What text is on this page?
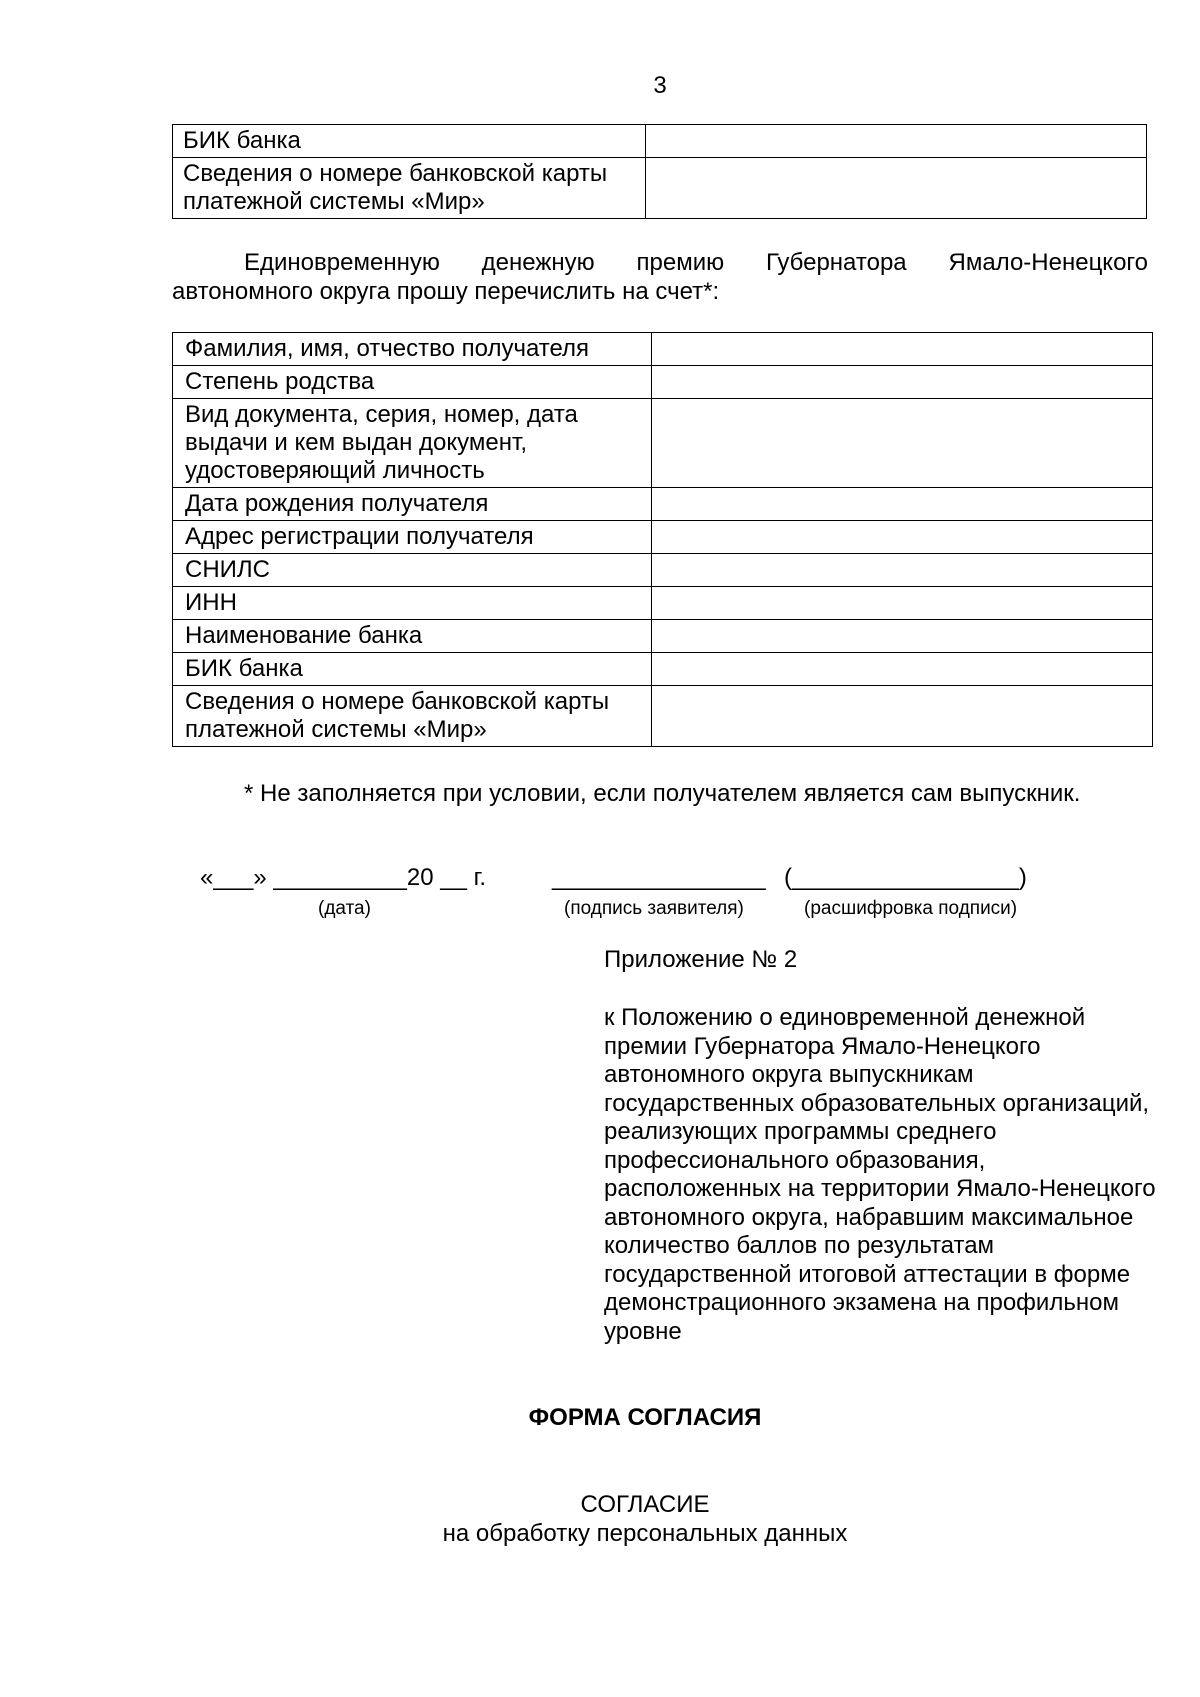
3
БИК банка	
Сведения о номере банковской карты платежной системы «Мир»	
Единовременную денежную премию Губернатора Ямало-Ненецкого автономного округа прошу перечислить на счет*:
Фамилия, имя, отчество получателя	
Степень родства	
Вид документа, серия, номер, дата выдачи и кем выдан документ, удостоверяющий личность	
Дата рождения получателя	
Адрес регистрации получателя	
СНИЛС	
ИНН	
Наименование банка	
БИК банка	
Сведения о номере банковской карты платежной системы «Мир»	
* Не заполняется при условии, если получателем является сам выпускник.
«___» __________20 __ г.	________________ (_________________)
(дата)	(подпись заявителя)	(расшифровка подписи)
Приложение № 2
к Положению о единовременной денежной премии Губернатора Ямало-Ненецкого автономного округа выпускникам государственных образовательных организаций, реализующих программы среднего профессионального образования, расположенных на территории Ямало-Ненецкого автономного округа, набравшим максимальное количество баллов по результатам государственной итоговой аттестации в форме демонстрационного экзамена на профильном уровне
ФОРМА СОГЛАСИЯ
СОГЛАСИЕ
на обработку персональных данных
